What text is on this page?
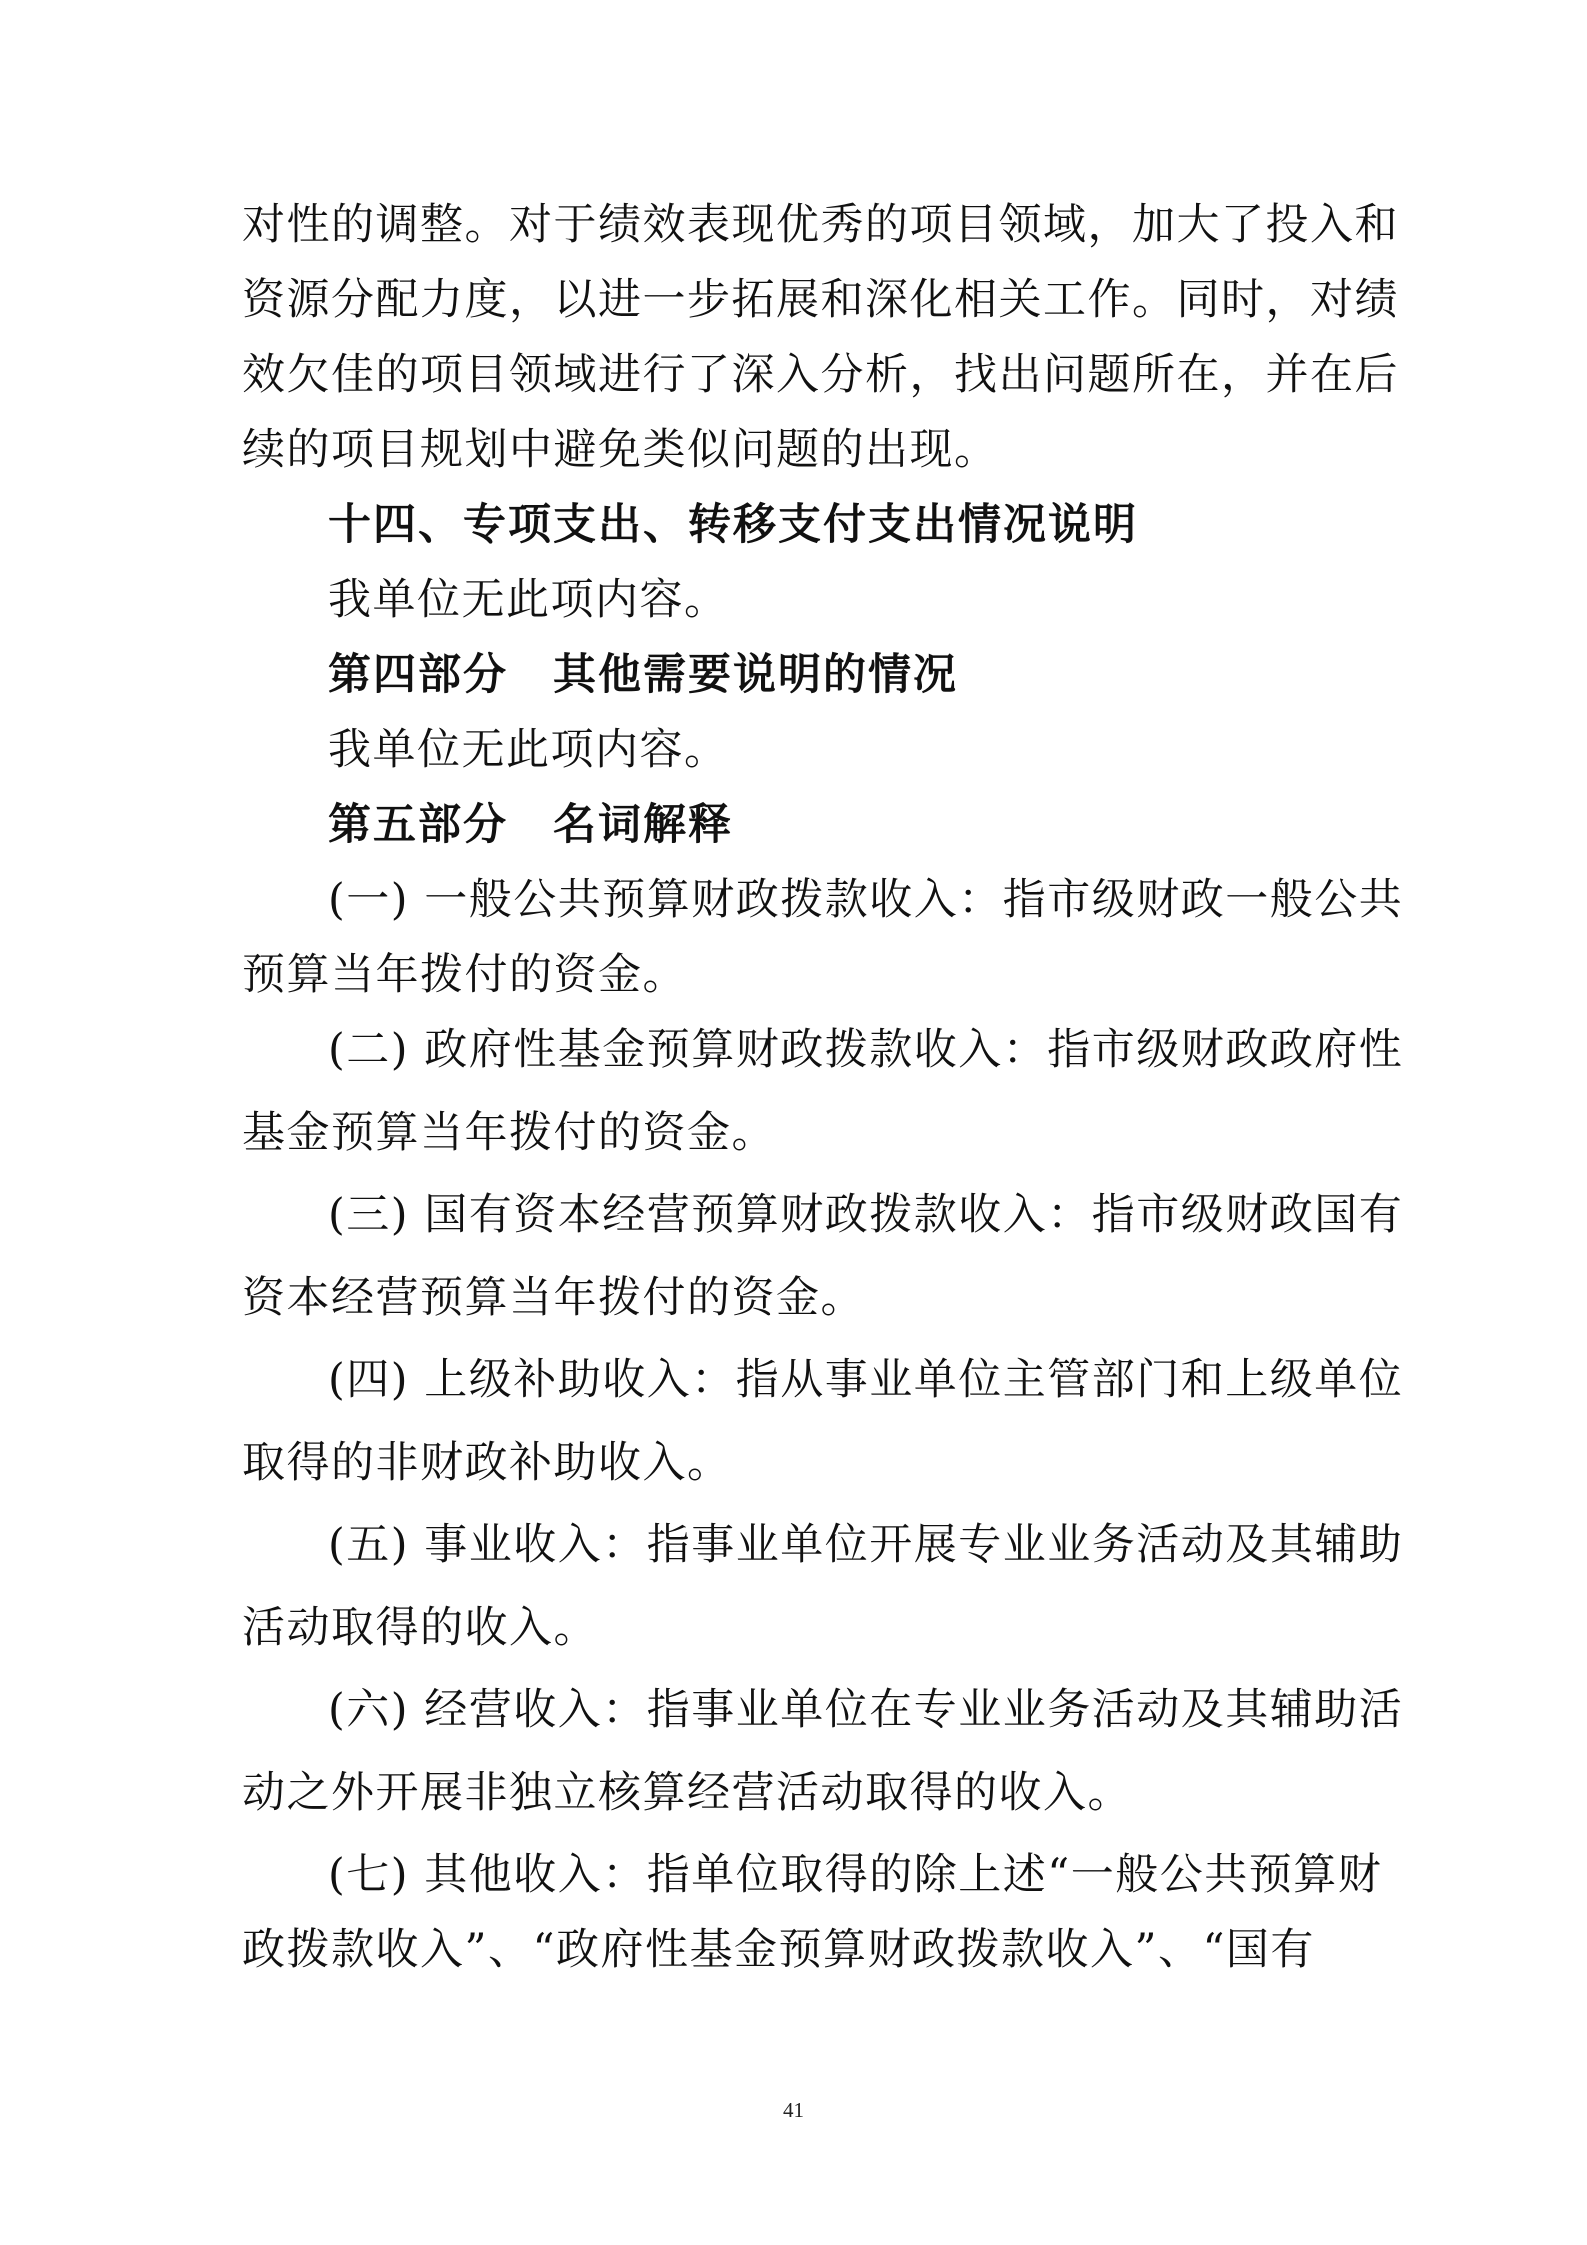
对性的调整。对于绩效表现优秀的项目领域，加大了投入和
资源分配力度，以进一步拓展和深化相关工作。同时，对绩
效欠佳的项目领域进行了深入分析，找出问题所在，并在后
续的项目规划中避免类似问题的出现。
十四、专项支出、转移支付支出情况说明
我单位无此项内容。
第四部分　其他需要说明的情况
我单位无此项内容。
第五部分　名词解释
(一) 一般公共预算财政拨款收入：指市级财政一般公共
预算当年拨付的资金。
(二) 政府性基金预算财政拨款收入：指市级财政政府性
基金预算当年拨付的资金。
(三) 国有资本经营预算财政拨款收入：指市级财政国有
资本经营预算当年拨付的资金。
(四) 上级补助收入：指从事业单位主管部门和上级单位
取得的非财政补助收入。
(五) 事业收入：指事业单位开展专业业务活动及其辅助
活动取得的收入。
(六) 经营收入：指事业单位在专业业务活动及其辅助活
动之外开展非独立核算经营活动取得的收入。
(七) 其他收入：指单位取得的除上述“一般公共预算财
政拨款收入”、“政府性基金预算财政拨款收入”、“国有
41
